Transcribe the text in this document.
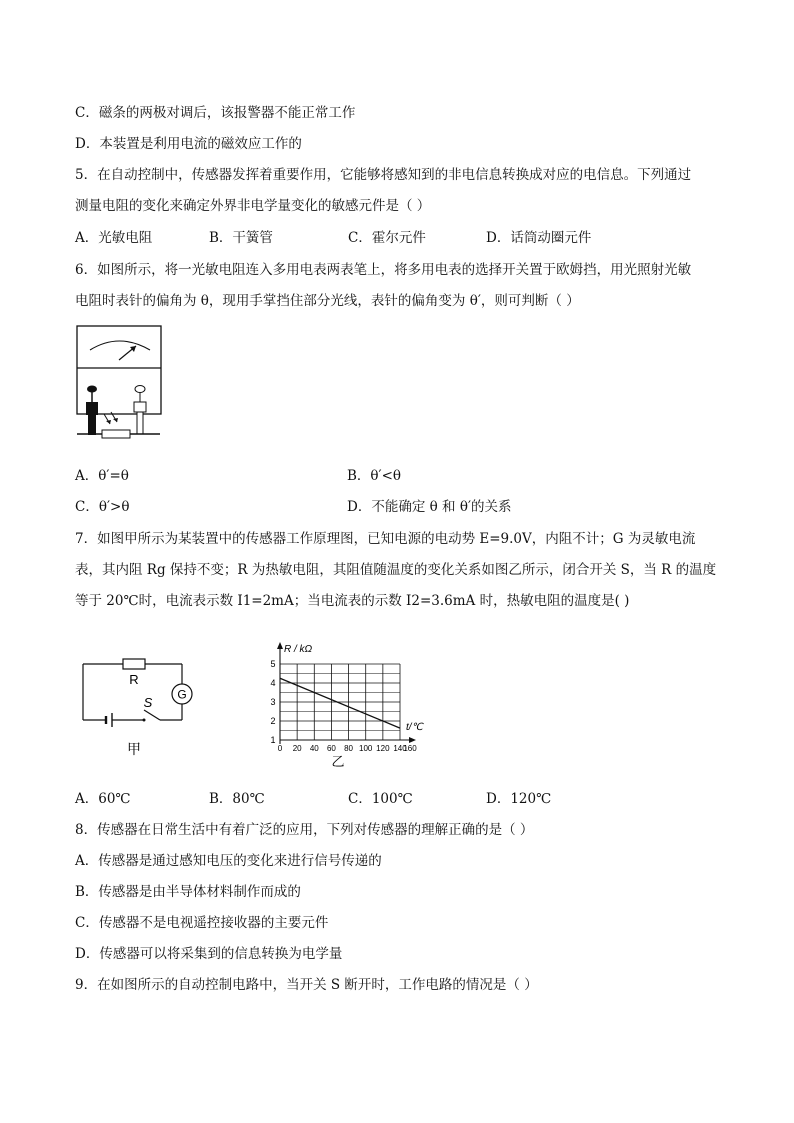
C．磁条的两极对调后，该报警器不能正常工作
D．本装置是利用电流的磁效应工作的
5．在自动控制中，传感器发挥着重要作用，它能够将感知到的非电信息转换成对应的电信息。下列通过
测量电阻的变化来确定外界非电学量变化的敏感元件是（ ）
A．光敏电阻	B．干簧管	C．霍尔元件	D．话筒动圈元件
6．如图所示，将一光敏电阻连入多用电表两表笔上，将多用电表的选择开关置于欧姆挡，用光照射光敏
电阻时表针的偏角为 θ，现用手掌挡住部分光线，表针的偏角变为 θ′，则可判断（ ）
A．θ′=θ	B．θ′<θ
C．θ′>θ	D．不能确定 θ 和 θ′的关系
7．如图甲所示为某装置中的传感器工作原理图，已知电源的电动势 E=9.0V，内阻不计；G 为灵敏电流
表，其内阻 Rg 保持不变；R 为热敏电阻，其阻值随温度的变化关系如图乙所示，闭合开关 S，当 R 的温度
等于 20℃时，电流表示数 I1=2mA；当电流表的示数 I2=3.6mA 时，热敏电阻的温度是( )
G
R
S
甲	0 20 40 60 80 100 120 140
160
1
2
3
4
5
R / kΩ
t/℃
乙
A．60℃	B．80℃	C．100℃	D．120℃
8．传感器在日常生活中有着广泛的应用，下列对传感器的理解正确的是（ ）
A．传感器是通过感知电压的变化来进行信号传递的
B．传感器是由半导体材料制作而成的
C．传感器不是电视遥控接收器的主要元件
D．传感器可以将采集到的信息转换为电学量
9．在如图所示的自动控制电路中，当开关 S 断开时，工作电路的情况是（ ）
